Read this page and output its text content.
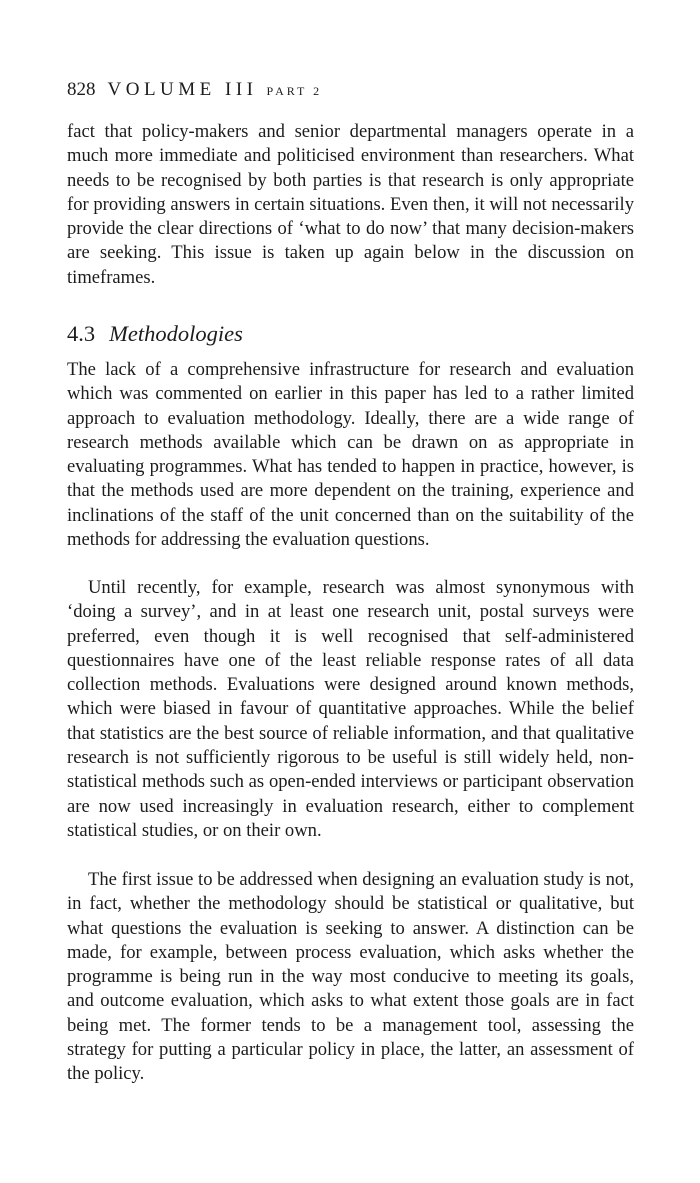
828 VOLUME III PART 2

fact that policy-makers and senior departmental managers operate in a much more immediate and politicised environment than researchers. What needs to be recognised by both parties is that research is only appropriate for providing answers in certain situations. Even then, it will not necessarily provide the clear directions of ‘what to do now’ that many decision-makers are seeking. This issue is taken up again below in the discussion on timeframes.

4.3 Methodologies

The lack of a comprehensive infrastructure for research and evaluation which was commented on earlier in this paper has led to a rather limited approach to evaluation methodology. Ideally, there are a wide range of research methods available which can be drawn on as appropriate in evaluating programmes. What has tended to happen in practice, however, is that the methods used are more dependent on the training, experience and inclinations of the staff of the unit concerned than on the suitability of the methods for addressing the evaluation questions.

Until recently, for example, research was almost synonymous with ‘doing a survey’, and in at least one research unit, postal surveys were preferred, even though it is well recognised that self-administered questionnaires have one of the least reliable response rates of all data collection methods. Evaluations were designed around known methods, which were biased in favour of quantitative approaches. While the belief that statistics are the best source of reliable information, and that qualitative research is not sufficiently rigorous to be useful is still widely held, non-statistical methods such as open-ended interviews or participant observation are now used increasingly in evaluation research, either to complement statistical studies, or on their own.

The first issue to be addressed when designing an evaluation study is not, in fact, whether the methodology should be statistical or qualitative, but what questions the evaluation is seeking to answer. A distinction can be made, for example, between process evaluation, which asks whether the programme is being run in the way most conducive to meeting its goals, and outcome evaluation, which asks to what extent those goals are in fact being met. The former tends to be a management tool, assessing the strategy for putting a particular policy in place, the latter, an assessment of the policy.
